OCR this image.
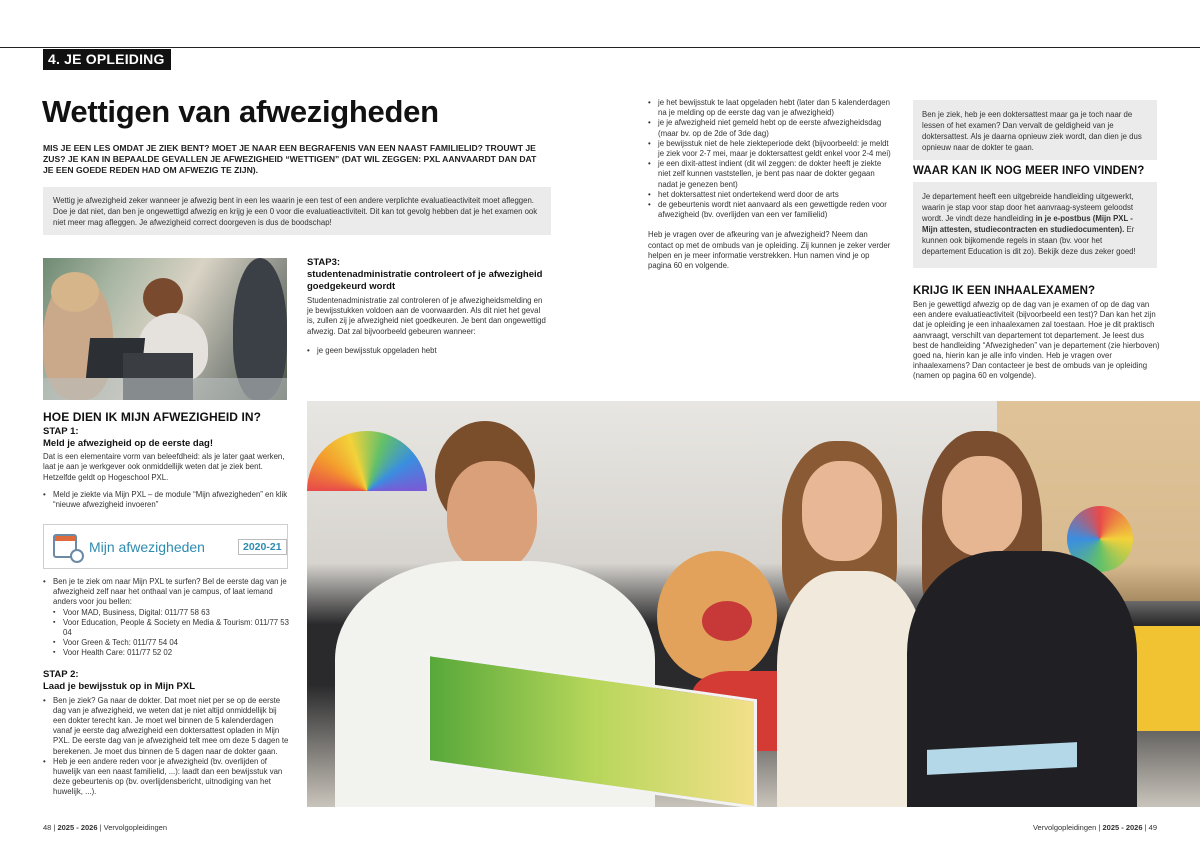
4. JE OPLEIDING
Wettigen van afwezigheden

MIS JE EEN LES OMDAT JE ZIEK BENT? MOET JE NAAR EEN BEGRAFENIS VAN EEN NAAST FAMILIELID? TROUWT JE ZUS? JE KAN IN BEPAALDE GEVALLEN JE AFWEZIGHEID “WETTIGEN” (DAT WIL ZEGGEN: PXL AANVAARDT DAN DAT JE EEN GOEDE REDEN HAD OM AFWEZIG TE ZIJN).

Wettig je afwezigheid zeker wanneer je afwezig bent in een les waarin je een test of een andere verplichte evaluatieactiviteit moet afleggen. Doe je dat niet, dan ben je ongewettigd afwezig en krijg je een 0 voor die evaluatieactiviteit. Dit kan tot gevolg hebben dat je het examen ook niet meer mag afleggen. Je afwezigheid correct doorgeven is dus de boodschap!
HOE DIEN IK MIJN AFWEZIGHEID IN?
STAP 1:
Meld je afwezigheid op de eerste dag!

Dat is een elementaire vorm van beleefdheid: als je later gaat werken, laat je aan je werkgever ook onmiddellijk weten dat je ziek bent. Hetzelfde geldt op Hogeschool PXL.

• Meld je ziekte via Mijn PXL – de module “Mijn afwezigheden” en klik “nieuwe afwezigheid invoeren”
Mijn afwezigheden	2020-21
• Ben je te ziek om naar Mijn PXL te surfen? Bel de eerste dag van je afwezigheid zelf naar het onthaal van je campus, of laat iemand anders voor jou bellen:
▪ Voor MAD, Business, Digital: 011/77 58 63
▪ Voor Education, People & Society en Media & Tourism: 011/77 53 04
▪ Voor Green & Tech: 011/77 54 04
▪ Voor Health Care: 011/77 52 02
STAP 2:
Laad je bewijsstuk op in Mijn PXL
• Ben je ziek? Ga naar de dokter. Dat moet niet per se op de eerste dag van je afwezigheid, we weten dat je niet altijd onmiddellijk bij een dokter terecht kan. Je moet wel binnen de 5 kalenderdagen vanaf je eerste dag afwezigheid een doktersattest opladen in Mijn PXL. De eerste dag van je afwezigheid telt mee om deze 5 dagen te berekenen. Je moet dus binnen de 5 dagen naar de dokter gaan.
• Heb je een andere reden voor je afwezigheid (bv. overlijden of huwelijk van een naast familielid, ...): laadt dan een bewijsstuk van deze gebeurtenis op (bv. overlijdensbericht, uitnodiging van het huwelijk, ...).
STAP3:
studentenadministratie controleert of je afwezigheid goedgekeurd wordt

Studentenadministratie zal controleren of je afwezigheidsmelding en je bewijsstukken voldoen aan de voorwaarden. Als dit niet het geval is, zullen zij je afwezigheid niet goedkeuren. Je bent dan ongewettigd afwezig. Dat zal bijvoorbeeld gebeuren wanneer:

• je geen bewijsstuk opgeladen hebt
• je het bewijsstuk te laat opgeladen hebt (later dan 5 kalenderdagen na je melding op de eerste dag van je afwezigheid)
• je je afwezigheid niet gemeld hebt op de eerste afwezigheidsdag (maar bv. op de 2de of 3de dag)
• je bewijsstuk niet de hele ziekteperiode dekt (bijvoorbeeld: je meldt je ziek voor 2-7 mei, maar je doktersattest geldt enkel voor 2-4 mei)
• je een dixit-attest indient (dit wil zeggen: de dokter heeft je ziekte niet zelf kunnen vaststellen, je bent pas naar de dokter gegaan nadat je genezen bent)
• het doktersattest niet ondertekend werd door de arts
• de gebeurtenis wordt niet aanvaard als een gewettigde reden voor afwezigheid (bv. overlijden van een ver familielid)

Heb je vragen over de afkeuring van je afwezigheid? Neem dan contact op met de ombuds van je opleiding. Zij kunnen je zeker verder helpen en je meer informatie verstrekken. Hun namen vind je op pagina 60 en volgende.

Ben je ziek, heb je een doktersattest maar ga je toch naar de lessen of het examen? Dan vervalt de geldigheid van je doktersattest. Als je daarna opnieuw ziek wordt, dan dien je dus opnieuw naar de dokter te gaan.
WAAR KAN IK NOG MEER INFO VINDEN?
Je departement heeft een uitgebreide handleiding uitgewerkt, waarin je stap voor stap door het aanvraag-systeem geloodst wordt. Je vindt deze handleiding in je e-postbus (Mijn PXL - Mijn attesten, studiecontracten en studiedocumenten). Er kunnen ook bijkomende regels in staan (bv. voor het departement Education is dit zo). Bekijk deze dus zeker goed!
KRIJG IK EEN INHAALEXAMEN?

Ben je gewettigd afwezig op de dag van je examen of op de dag van een andere evaluatieactiviteit (bijvoorbeeld een test)? Dan kan het zijn dat je opleiding je een inhaalexamen zal toestaan. Hoe je dit praktisch aanvraagt, verschilt van departement tot departement. Je leest dus best de handleiding “Afwezigheden” van je departement (zie hierboven) goed na, hierin kan je alle info vinden. Heb je vragen over inhaalexamens? Dan contacteer je best de ombuds van je opleiding (namen op pagina 60 en volgende).

48 | 2025 - 2026 | Vervolgopleidingen	Vervolgopleidingen | 2025 - 2026 | 49
